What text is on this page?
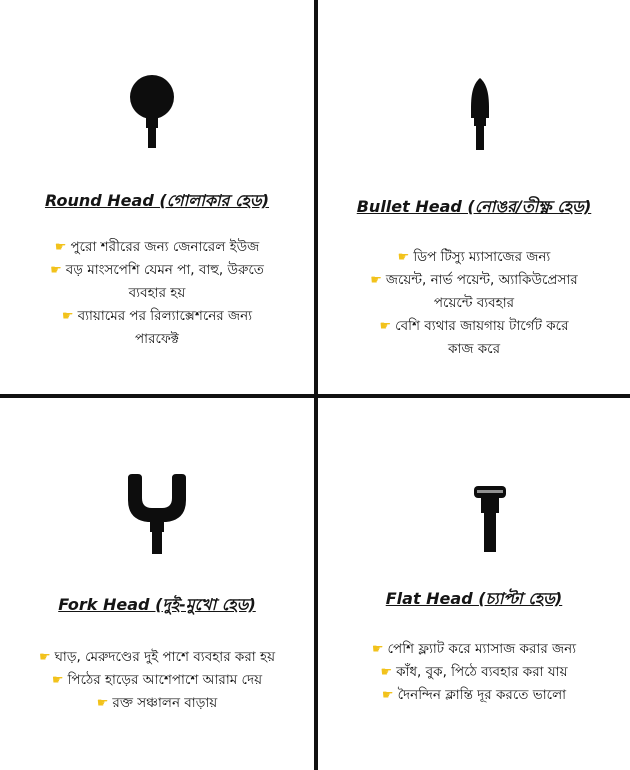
Round Head (গোলাকার হেড)

☛ পুরো শরীরের জন্য জেনারেল ইউজ

☛ বড় মাংসপেশি যেমন পা, বাহু, উরুতে

ব্যবহার হয়

☛ ব্যায়ামের পর রিল্যাক্সেশনের জন্য

পারফেক্ট

Bullet Head (নোঙর/তীক্ষ্ণ হেড)

☛ ডিপ টিস্যু ম্যাসাজের জন্য

☛ জয়েন্ট, নার্ভ পয়েন্ট, অ্যাকিউপ্রেসার

পয়েন্টে ব্যবহার

☛ বেশি ব্যথার জায়গায় টার্গেট করে

কাজ করে

Fork Head (দুই-মুখো হেড)

☛ ঘাড়, মেরুদণ্ডের দুই পাশে ব্যবহার করা হয়

☛ পিঠের হাড়ের আশেপাশে আরাম দেয়

☛ রক্ত সঞ্চালন বাড়ায়

Flat Head (চ্যাপ্টা হেড)

☛ পেশি ফ্ল্যাট করে ম্যাসাজ করার জন্য

☛ কাঁধ, বুক, পিঠে ব্যবহার করা যায়

☛ দৈনন্দিন ক্লান্তি দূর করতে ভালো
